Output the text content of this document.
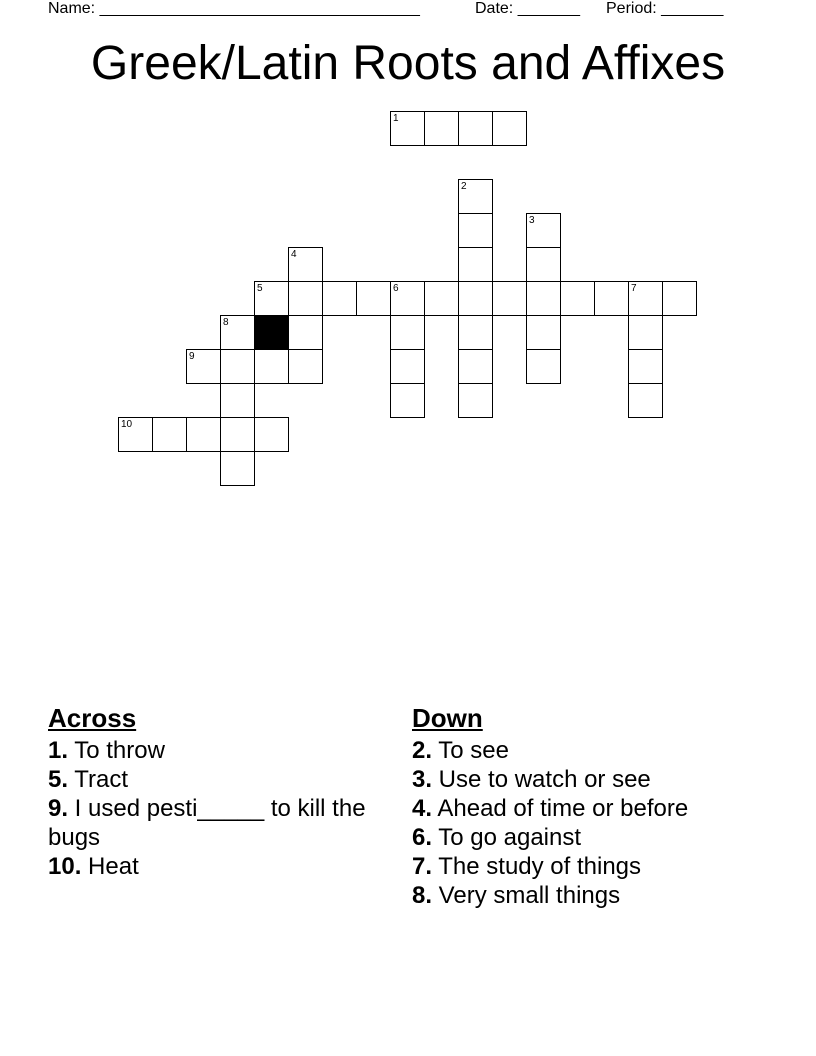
Name: ____________________________________	Date: _______ Period: _______
Greek/Latin Roots and Affixes
1
2
3
4
5	6	7
8
9
10
Across
1. To throw
5. Tract
9. I used pesti_____ to kill the bugs
10. Heat
Down
2. To see
3. Use to watch or see
4. Ahead of time or before
6. To go against
7. The study of things
8. Very small things
